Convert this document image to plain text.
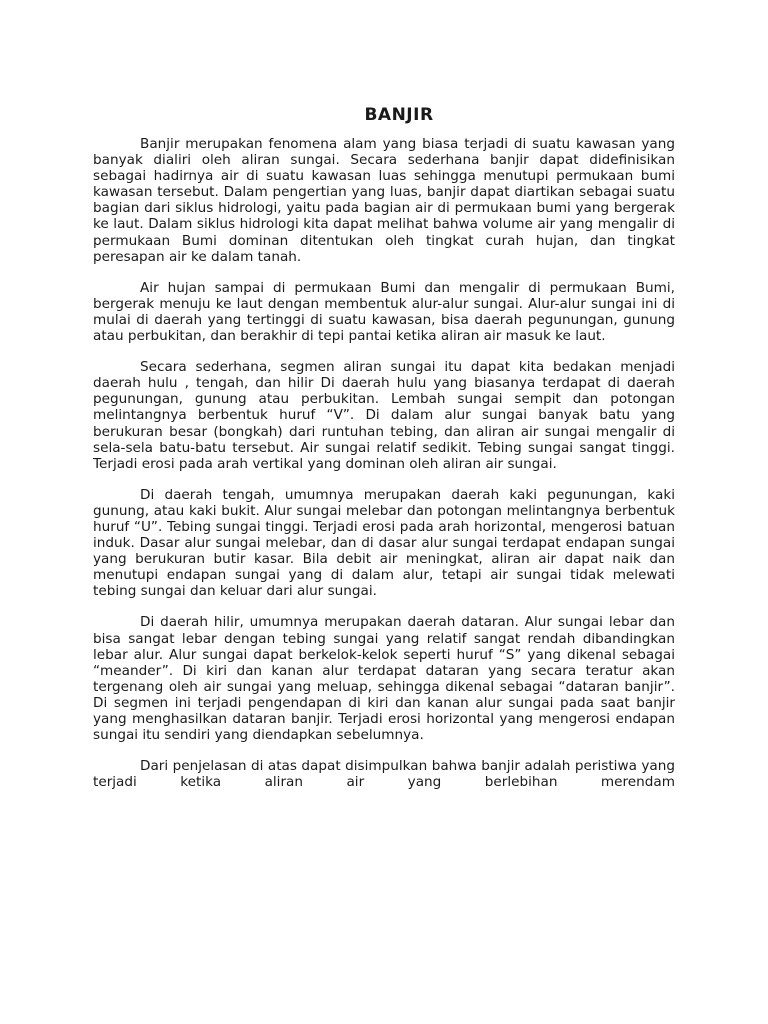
BANJIR

Banjir merupakan fenomena alam yang biasa terjadi di suatu kawasan yang banyak dialiri oleh aliran sungai. Secara sederhana banjir dapat didefinisikan sebagai hadirnya air di suatu kawasan luas sehingga menutupi permukaan bumi kawasan tersebut. Dalam pengertian yang luas, banjir dapat diartikan sebagai suatu bagian dari siklus hidrologi, yaitu pada bagian air di permukaan bumi yang bergerak ke laut. Dalam siklus hidrologi kita dapat melihat bahwa volume air yang mengalir di permukaan Bumi dominan ditentukan oleh tingkat curah hujan, dan tingkat peresapan air ke dalam tanah.

Air hujan sampai di permukaan Bumi dan mengalir di permukaan Bumi, bergerak menuju ke laut dengan membentuk alur-alur sungai. Alur-alur sungai ini di mulai di daerah yang tertinggi di suatu kawasan, bisa daerah pegunungan, gunung atau perbukitan, dan berakhir di tepi pantai ketika aliran air masuk ke laut.

Secara sederhana, segmen aliran sungai itu dapat kita bedakan menjadi daerah hulu , tengah, dan hilir Di daerah hulu yang biasanya terdapat di daerah pegunungan, gunung atau perbukitan. Lembah sungai sempit dan potongan melintangnya berbentuk huruf “V”. Di dalam alur sungai banyak batu yang berukuran besar (bongkah) dari runtuhan tebing, dan aliran air sungai mengalir di sela-sela batu-batu tersebut. Air sungai relatif sedikit. Tebing sungai sangat tinggi. Terjadi erosi pada arah vertikal yang dominan oleh aliran air sungai.

Di daerah tengah, umumnya merupakan daerah kaki pegunungan, kaki gunung, atau kaki bukit. Alur sungai melebar dan potongan melintangnya berbentuk huruf “U”. Tebing sungai tinggi. Terjadi erosi pada arah horizontal, mengerosi batuan induk. Dasar alur sungai melebar, dan di dasar alur sungai terdapat endapan sungai yang berukuran butir kasar. Bila debit air meningkat, aliran air dapat naik dan menutupi endapan sungai yang di dalam alur, tetapi air sungai tidak melewati tebing sungai dan keluar dari alur sungai.

Di daerah hilir, umumnya merupakan daerah dataran. Alur sungai lebar dan bisa sangat lebar dengan tebing sungai yang relatif sangat rendah dibandingkan lebar alur. Alur sungai dapat berkelok-kelok seperti huruf “S” yang dikenal sebagai “meander”. Di kiri dan kanan alur terdapat dataran yang secara teratur akan tergenang oleh air sungai yang meluap, sehingga dikenal sebagai “dataran banjir”. Di segmen ini terjadi pengendapan di kiri dan kanan alur sungai pada saat banjir yang menghasilkan dataran banjir. Terjadi erosi horizontal yang mengerosi endapan sungai itu sendiri yang diendapkan sebelumnya.

Dari penjelasan di atas dapat disimpulkan bahwa banjir adalah peristiwa yang terjadi ketika aliran air yang berlebihan merendam
